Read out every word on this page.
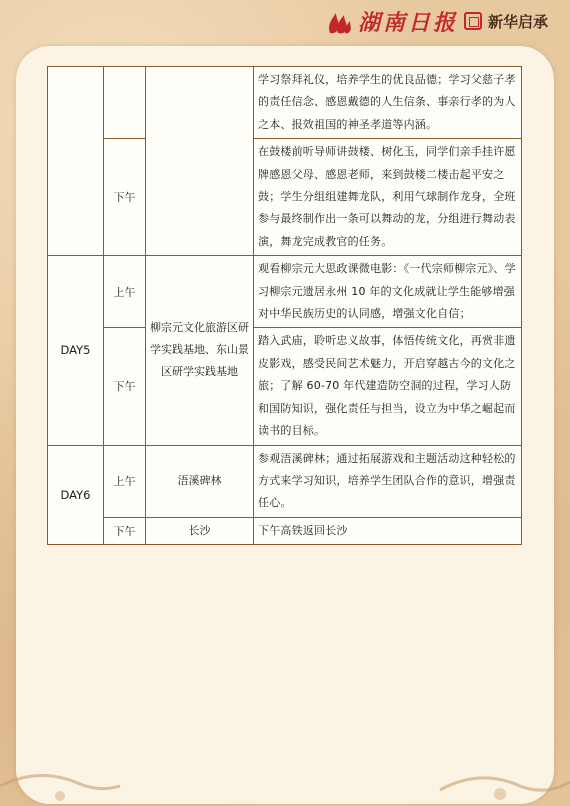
湖南日报 新华启承
			学习祭拜礼仪，培养学生的优良品德；学习父慈子孝的责任信念、感恩戴德的人生信条、事亲行孝的为人之本、报效祖国的神圣孝道等内涵。
	下午		在鼓楼前听导师讲鼓楼、树化玉，同学们亲手挂许愿牌感恩父母、感恩老师，来到鼓楼二楼击起平安之鼓；学生分组组建舞龙队，利用气球制作龙身，全班参与最终制作出一条可以舞动的龙，分组进行舞动表演，舞龙完成教官的任务。
DAY5	上午	柳宗元文化旅游区研学实践基地、东山景区研学实践基地	观看柳宗元大思政课微电影：《一代宗师柳宗元》、学习柳宗元遗居永州 10 年的文化成就让学生能够增强对中华民族历史的认同感，增强文化自信；
	下午		踏入武庙，聆听忠义故事，体悟传统文化，再赏非遗皮影戏，感受民间艺术魅力，开启穿越古今的文化之旅；了解 60-70 年代建造防空洞的过程，学习人防和国防知识，强化责任与担当，设立为中华之崛起而读书的目标。
DAY6	上午	浯溪碑林	参观浯溪碑林；通过拓展游戏和主题活动这种轻松的方式来学习知识，培养学生团队合作的意识，增强责任心。
	下午	长沙	下午高铁返回长沙
